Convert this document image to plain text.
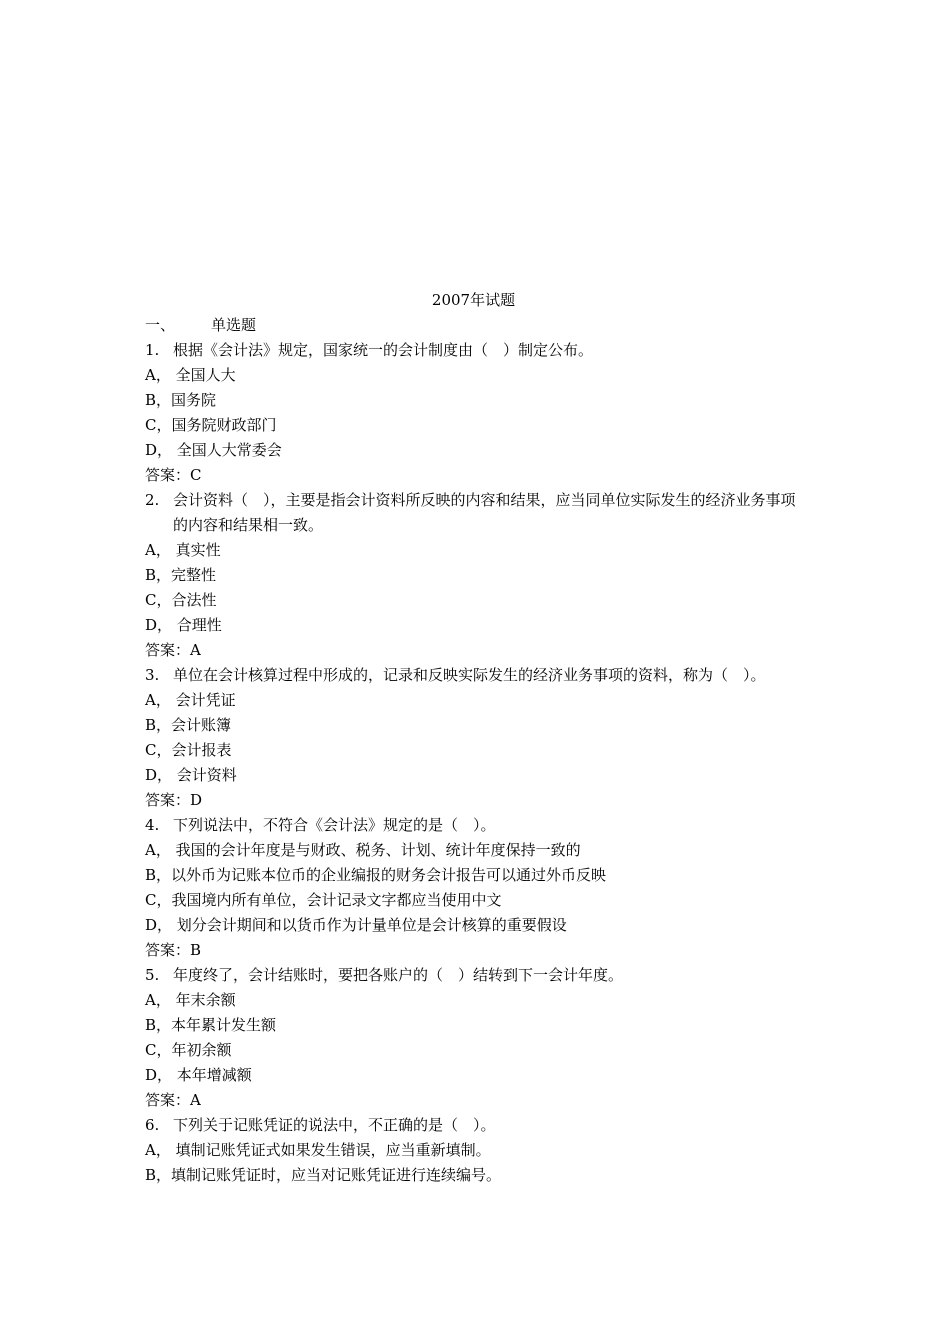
2007年试题
一、 单选题
1. 根据《会计法》规定，国家统一的会计制度由（　）制定公布。
A， 全国人大
B，国务院
C，国务院财政部门
D， 全国人大常委会
答案：C
2. 会计资料（　），主要是指会计资料所反映的内容和结果，应当同单位实际发生的经济业务事项的内容和结果相一致。
A， 真实性
B，完整性
C，合法性
D， 合理性
答案：A
3. 单位在会计核算过程中形成的，记录和反映实际发生的经济业务事项的资料，称为（　）。
A， 会计凭证
B，会计账簿
C，会计报表
D， 会计资料
答案：D
4. 下列说法中，不符合《会计法》规定的是（　）。
A， 我国的会计年度是与财政、税务、计划、统计年度保持一致的
B，以外币为记账本位币的企业编报的财务会计报告可以通过外币反映
C，我国境内所有单位，会计记录文字都应当使用中文
D， 划分会计期间和以货币作为计量单位是会计核算的重要假设
答案：B
5. 年度终了，会计结账时，要把各账户的（　）结转到下一会计年度。
A， 年末余额
B，本年累计发生额
C，年初余额
D， 本年增减额
答案：A
6. 下列关于记账凭证的说法中，不正确的是（　）。
A， 填制记账凭证式如果发生错误，应当重新填制。
B，填制记账凭证时，应当对记账凭证进行连续编号。
